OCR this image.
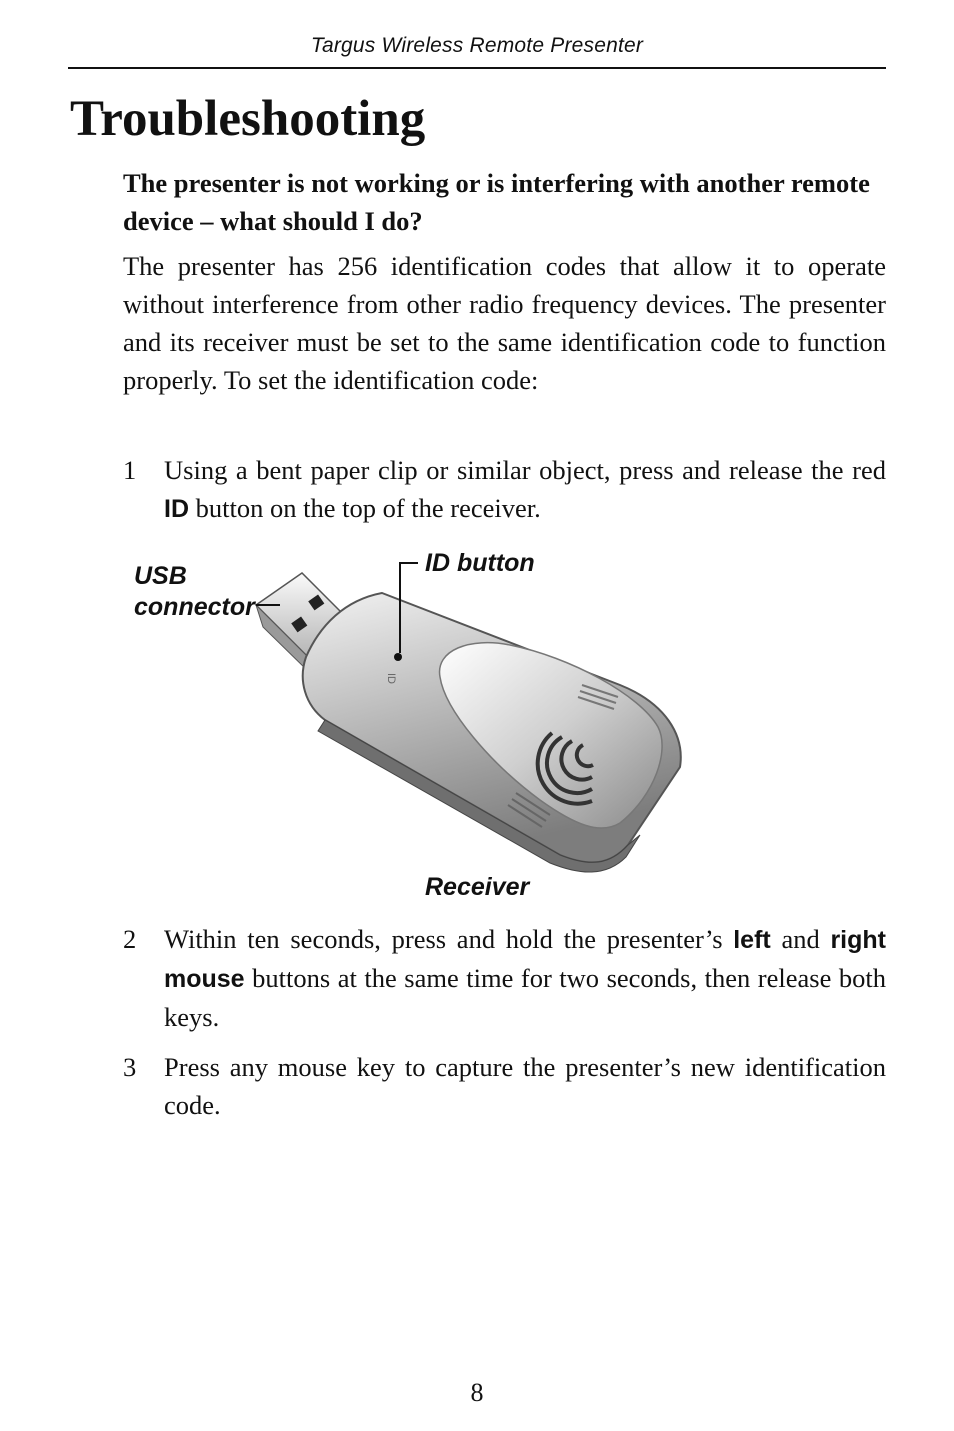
Targus Wireless Remote Presenter
Troubleshooting
The presenter is not working or is interfering with another remote device – what should I do?
The presenter has 256 identification codes that allow it to operate without interference from other radio frequency devices. The presenter and its receiver must be set to the same identification code to function properly. To set the identification code:
1 Using a bent paper clip or similar object, press and release the red ID button on the top of the receiver.
ID
USB
connector
ID button
Receiver
2 Within ten seconds, press and hold the presenter’s left and right mouse buttons at the same time for two seconds, then release both keys.
3 Press any mouse key to capture the presenter’s new identification code.
8
